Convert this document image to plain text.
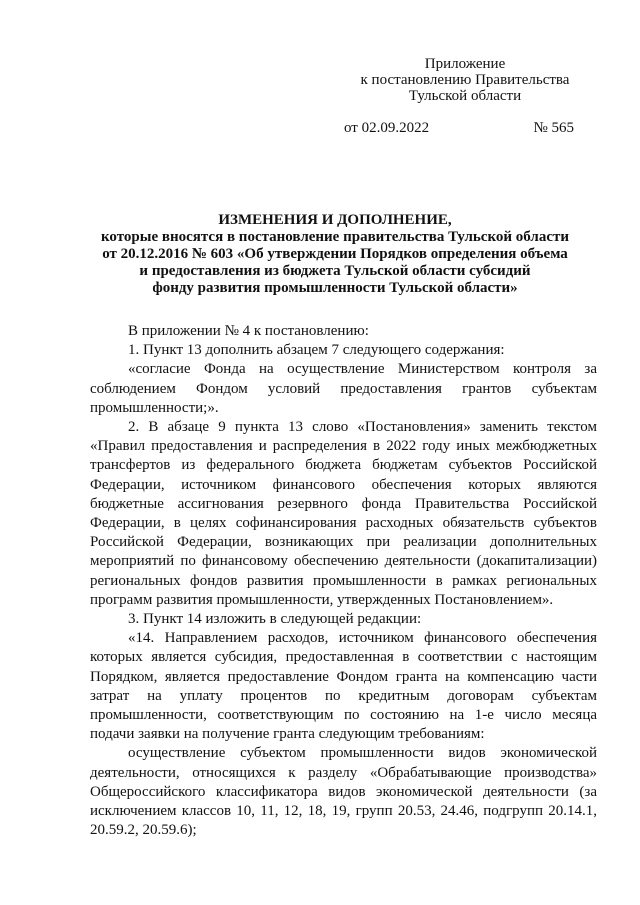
Приложение
к постановлению Правительства
Тульской области
от 02.09.2022	№ 565
ИЗМЕНЕНИЯ И ДОПОЛНЕНИЕ,
которые вносятся в постановление правительства Тульской области
от 20.12.2016 № 603 «Об утверждении Порядков определения объема
и предоставления из бюджета Тульской области субсидий
фонду развития промышленности Тульской области»

В приложении № 4 к постановлению:

1. Пункт 13 дополнить абзацем 7 следующего содержания:

«согласие Фонда на осуществление Министерством контроля за соблюдением Фондом условий предоставления грантов субъектам промышленности;».

2. В абзаце 9 пункта 13 слово «Постановления» заменить текстом «Правил предоставления и распределения в 2022 году иных межбюджетных трансфертов из федерального бюджета бюджетам субъектов Российской Федерации, источником финансового обеспечения которых являются бюджетные ассигнования резервного фонда Правительства Российской Федерации, в целях софинансирования расходных обязательств субъектов Российской Федерации, возникающих при реализации дополнительных мероприятий по финансовому обеспечению деятельности (докапитализации) региональных фондов развития промышленности в рамках региональных программ развития промышленности, утвержденных Постановлением».

3. Пункт 14 изложить в следующей редакции:

«14. Направлением расходов, источником финансового обеспечения которых является субсидия, предоставленная в соответствии с настоящим Порядком, является предоставление Фондом гранта на компенсацию части затрат на уплату процентов по кредитным договорам субъектам промышленности, соответствующим по состоянию на 1-е число месяца подачи заявки на получение гранта следующим требованиям:

осуществление субъектом промышленности видов экономической деятельности, относящихся к разделу «Обрабатывающие производства» Общероссийского классификатора видов экономической деятельности (за исключением классов 10, 11, 12, 18, 19, групп 20.53, 24.46, подгрупп 20.14.1, 20.59.2, 20.59.6);
